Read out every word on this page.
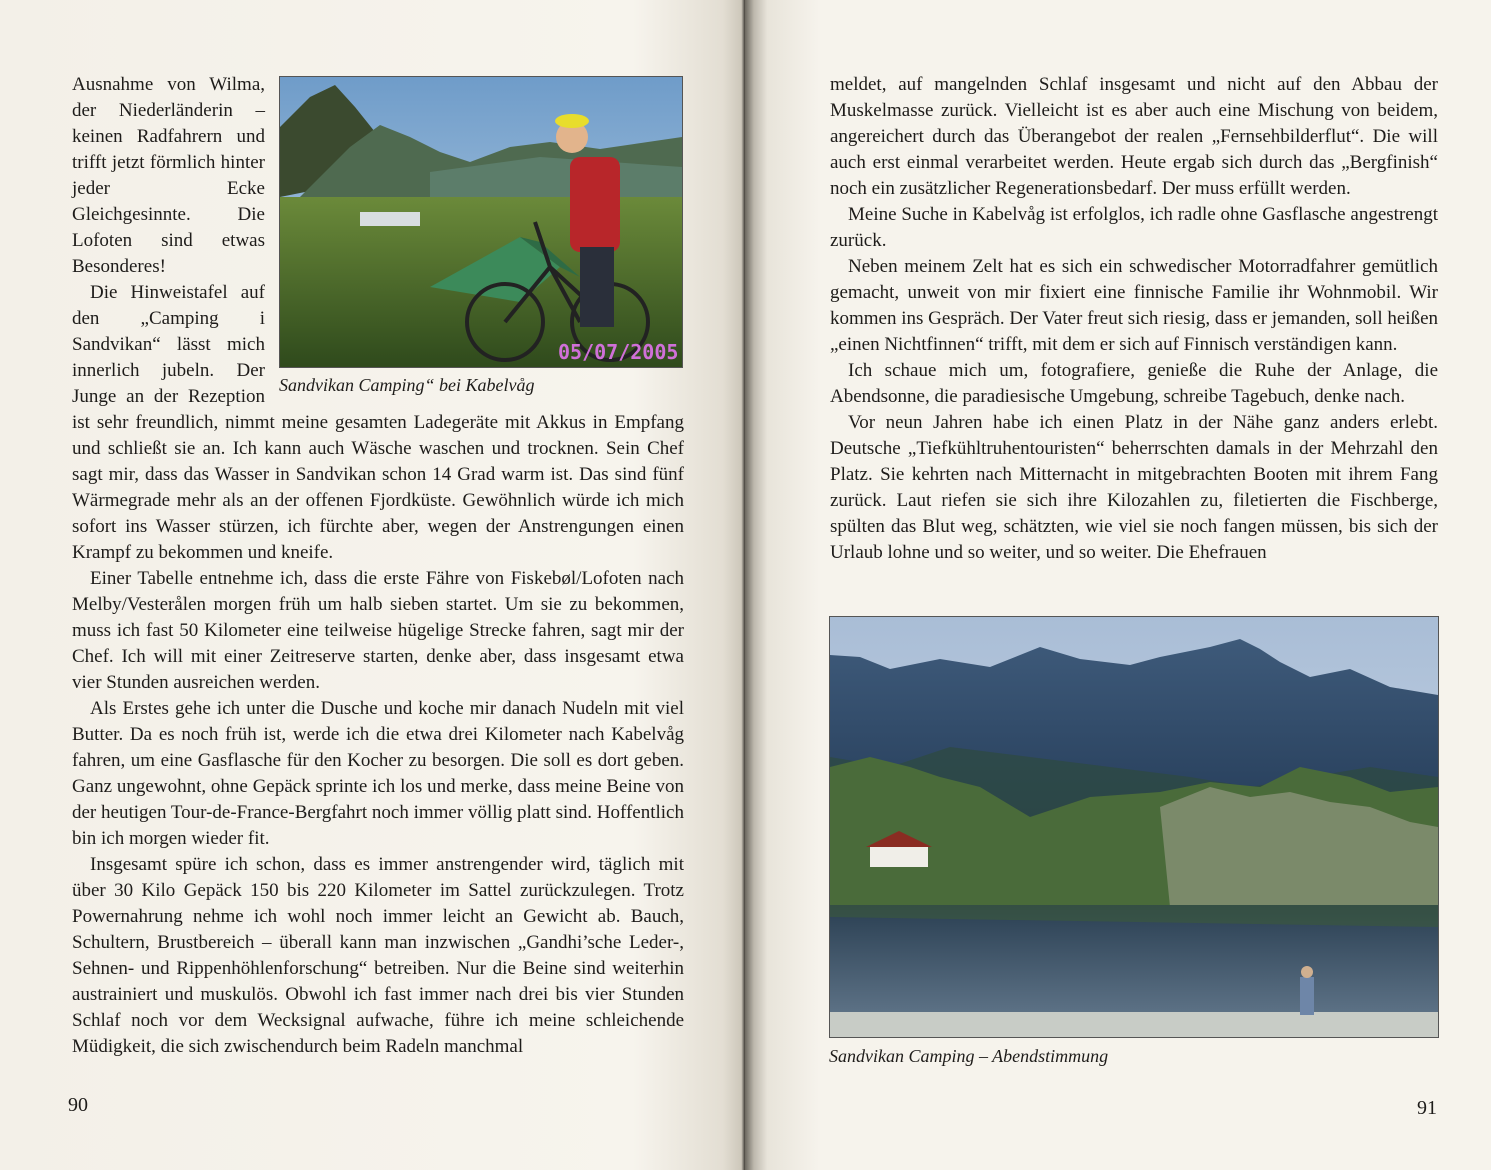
05/07/2005
Sandvikan Camping“ bei Kabelvåg

Ausnahme von Wilma, der Niederländerin – keinen Radfahrern und trifft jetzt förmlich hinter jeder Ecke Gleichgesinnte. Die Lofoten sind etwas Besonderes!

Die Hinweistafel auf den „Camping i Sandvikan“ lässt mich innerlich jubeln. Der Junge an der Rezeption ist sehr freundlich, nimmt meine gesamten Ladegeräte mit Akkus in Empfang und schließt sie an. Ich kann auch Wäsche waschen und trocknen. Sein Chef sagt mir, dass das Wasser in Sandvikan schon 14 Grad warm ist. Das sind fünf Wärmegrade mehr als an der offenen Fjordküste. Gewöhnlich würde ich mich sofort ins Wasser stürzen, ich fürchte aber, wegen der Anstrengungen einen Krampf zu bekommen und kneife.

Einer Tabelle entnehme ich, dass die erste Fähre von Fiskebøl/Lofoten nach Melby/Vesterålen morgen früh um halb sieben startet. Um sie zu bekommen, muss ich fast 50 Kilometer eine teilweise hügelige Strecke fahren, sagt mir der Chef. Ich will mit einer Zeitreserve starten, denke aber, dass insgesamt etwa vier Stunden ausreichen werden.

Als Erstes gehe ich unter die Dusche und koche mir danach Nudeln mit viel Butter. Da es noch früh ist, werde ich die etwa drei Kilometer nach Kabelvåg fahren, um eine Gasflasche für den Kocher zu besorgen. Die soll es dort geben. Ganz ungewohnt, ohne Gepäck sprinte ich los und merke, dass meine Beine von der heutigen Tour-de-France-Bergfahrt noch immer völlig platt sind. Hoffentlich bin ich morgen wieder fit.

Insgesamt spüre ich schon, dass es immer anstrengender wird, täglich mit über 30 Kilo Gepäck 150 bis 220 Kilometer im Sattel zurückzulegen. Trotz Powernahrung nehme ich wohl noch immer leicht an Gewicht ab. Bauch, Schultern, Brustbereich – überall kann man inzwischen „Gandhi’sche Leder-, Sehnen- und Rippenhöhlenforschung“ betreiben. Nur die Beine sind weiterhin austrainiert und muskulös. Obwohl ich fast immer nach drei bis vier Stunden Schlaf noch vor dem Wecksignal aufwache, führe ich meine schleichende Müdigkeit, die sich zwischendurch beim Radeln manchmal

90

meldet, auf mangelnden Schlaf insgesamt und nicht auf den Abbau der Muskelmasse zurück. Vielleicht ist es aber auch eine Mischung von beidem, angereichert durch das Überangebot der realen „Fernsehbilderflut“. Die will auch erst einmal verarbeitet werden. Heute ergab sich durch das „Bergfinish“ noch ein zusätzlicher Regenerationsbedarf. Der muss erfüllt werden.

Meine Suche in Kabelvåg ist erfolglos, ich radle ohne Gasflasche angestrengt zurück.

Neben meinem Zelt hat es sich ein schwedischer Motorradfahrer gemütlich gemacht, unweit von mir fixiert eine finnische Familie ihr Wohnmobil. Wir kommen ins Gespräch. Der Vater freut sich riesig, dass er jemanden, soll heißen „einen Nichtfinnen“ trifft, mit dem er sich auf Finnisch verständigen kann.

Ich schaue mich um, fotografiere, genieße die Ruhe der Anlage, die Abendsonne, die paradiesische Umgebung, schreibe Tagebuch, denke nach.

Vor neun Jahren habe ich einen Platz in der Nähe ganz anders erlebt. Deutsche „Tiefkühltruhentouristen“ beherrschten damals in der Mehrzahl den Platz. Sie kehrten nach Mitternacht in mitgebrachten Booten mit ihrem Fang zurück. Laut riefen sie sich ihre Kilozahlen zu, filetierten die Fischberge, spülten das Blut weg, schätzten, wie viel sie noch fangen müssen, bis sich der Urlaub lohne und so weiter, und so weiter. Die Ehefrauen

Sandvikan Camping – Abendstimmung
91
